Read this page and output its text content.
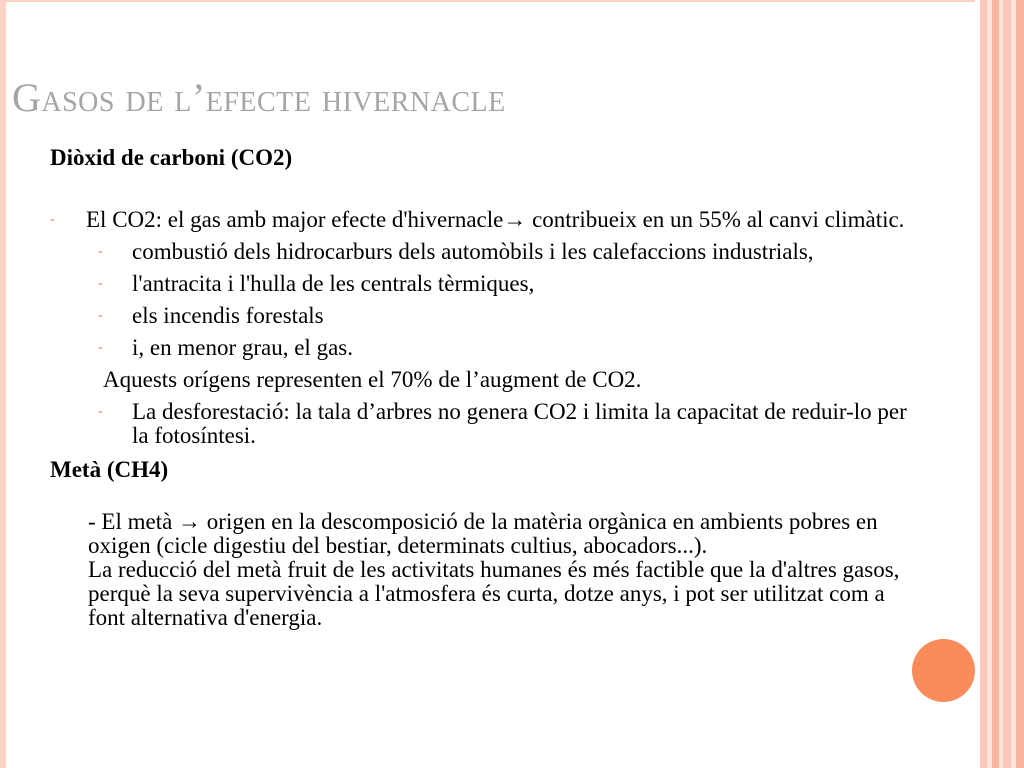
Gasos de l’efecte hivernacle

Diòxid de carboni (CO2)

-	El CO2: el gas amb major efecte d'hivernacle→ contribueix en un 55% al canvi climàtic.
-	combustió dels hidrocarburs dels automòbils i les calefaccions industrials,
-	l'antracita i l'hulla de les centrals tèrmiques,
-	els incendis forestals
-	i, en menor grau, el gas.
Aquests orígens representen el 70% de l’augment de CO2.
-	La desforestació: la tala d’arbres no genera CO2 i limita la capacitat de reduir-lo per la fotosíntesi.

Metà (CH4)

- El metà → origen en la descomposició de la matèria orgànica en ambients pobres en oxigen (cicle digestiu del bestiar, determinats cultius, abocadors...).

La reducció del metà fruit de les activitats humanes és més factible que la d'altres gasos, perquè la seva supervivència a l'atmosfera és curta, dotze anys, i pot ser utilitzat com a font alternativa d'energia.
